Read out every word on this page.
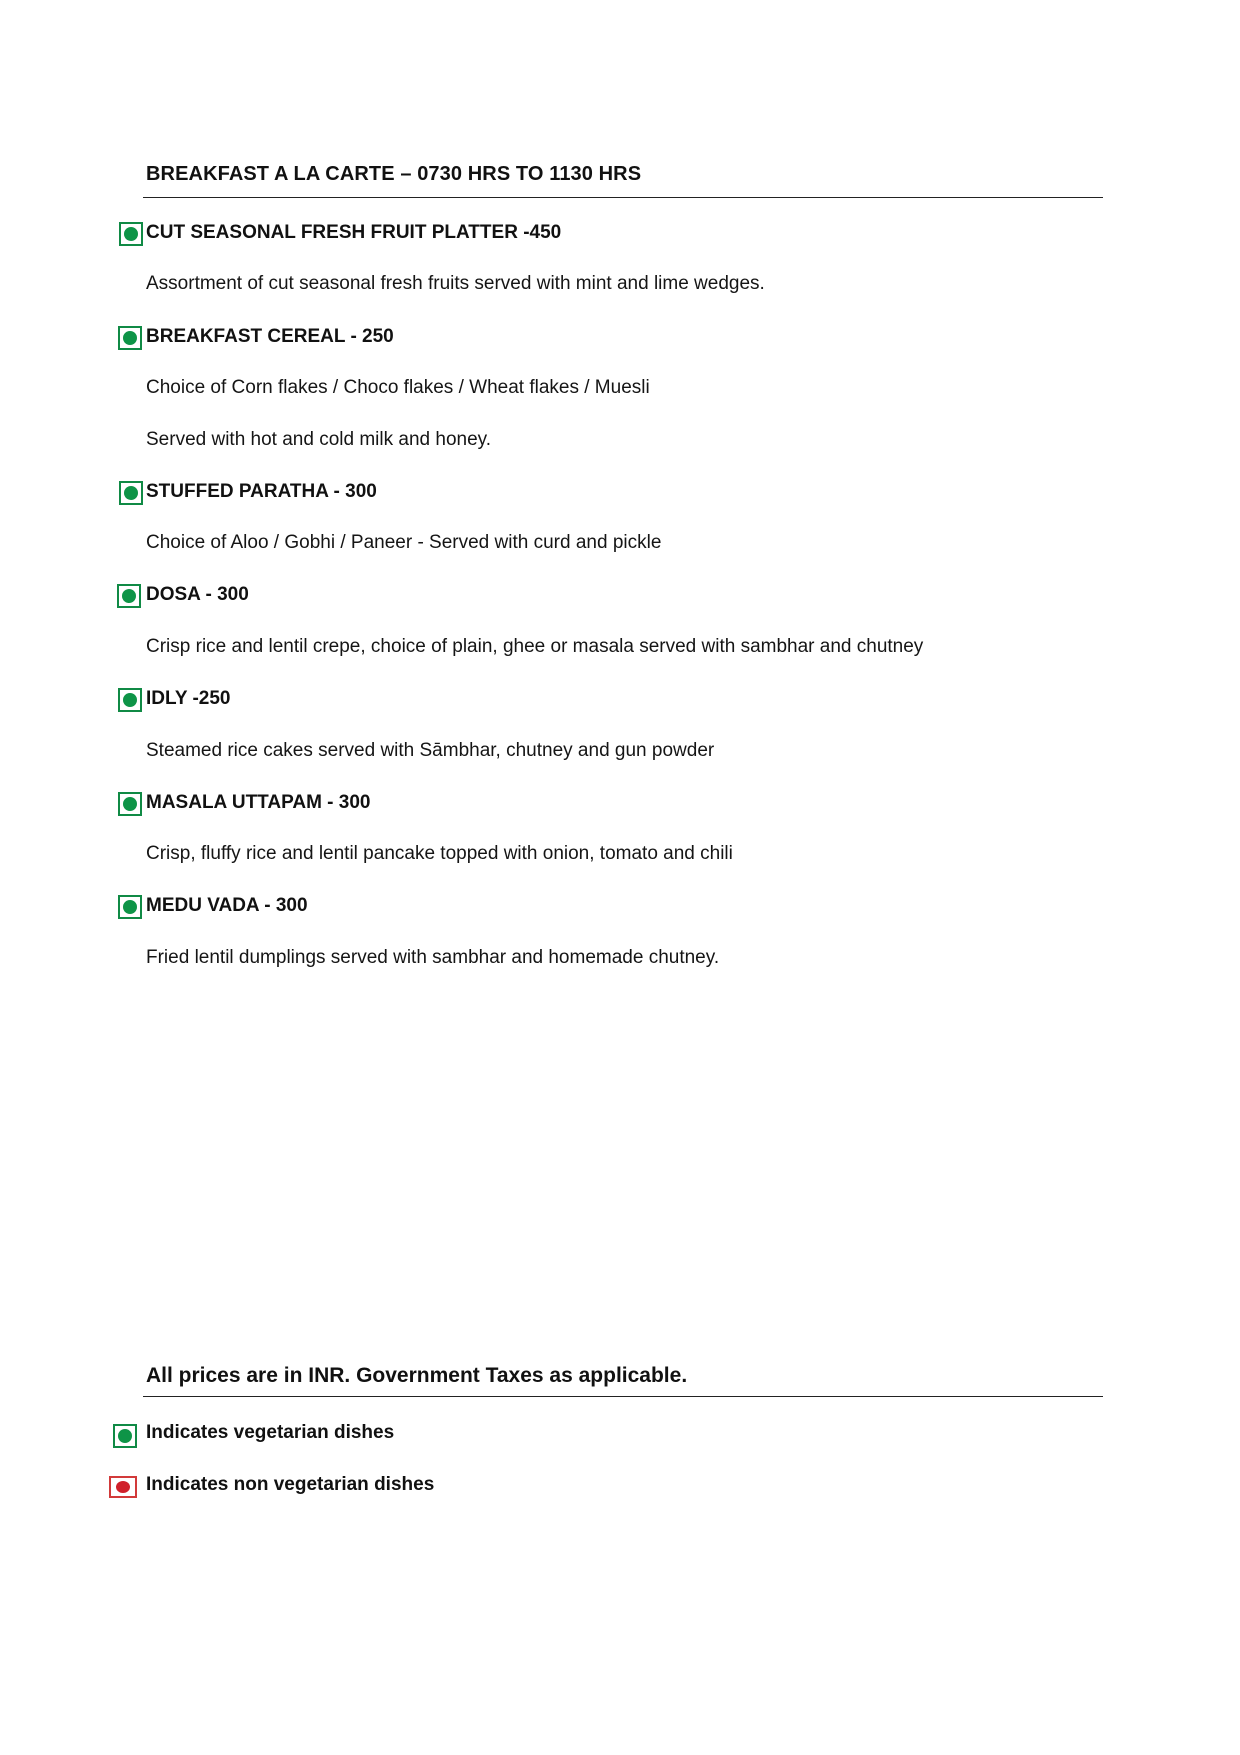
BREAKFAST A LA CARTE – 0730 HRS TO 1130 HRS
CUT SEASONAL FRESH FRUIT PLATTER -450
Assortment of cut seasonal fresh fruits served with mint and lime wedges.
BREAKFAST CEREAL - 250
Choice of Corn flakes / Choco flakes / Wheat flakes / Muesli
Served with hot and cold milk and honey.
STUFFED PARATHA - 300
Choice of Aloo / Gobhi / Paneer - Served with curd and pickle
DOSA - 300
Crisp rice and lentil crepe, choice of plain, ghee or masala served with sambhar and chutney
IDLY -250
Steamed rice cakes served with Sāmbhar, chutney and gun powder
MASALA UTTAPAM - 300
Crisp, fluffy rice and lentil pancake topped with onion, tomato and chili
MEDU VADA - 300
Fried lentil dumplings served with sambhar and homemade chutney.
All prices are in INR. Government Taxes as applicable.
Indicates vegetarian dishes
Indicates non vegetarian dishes
